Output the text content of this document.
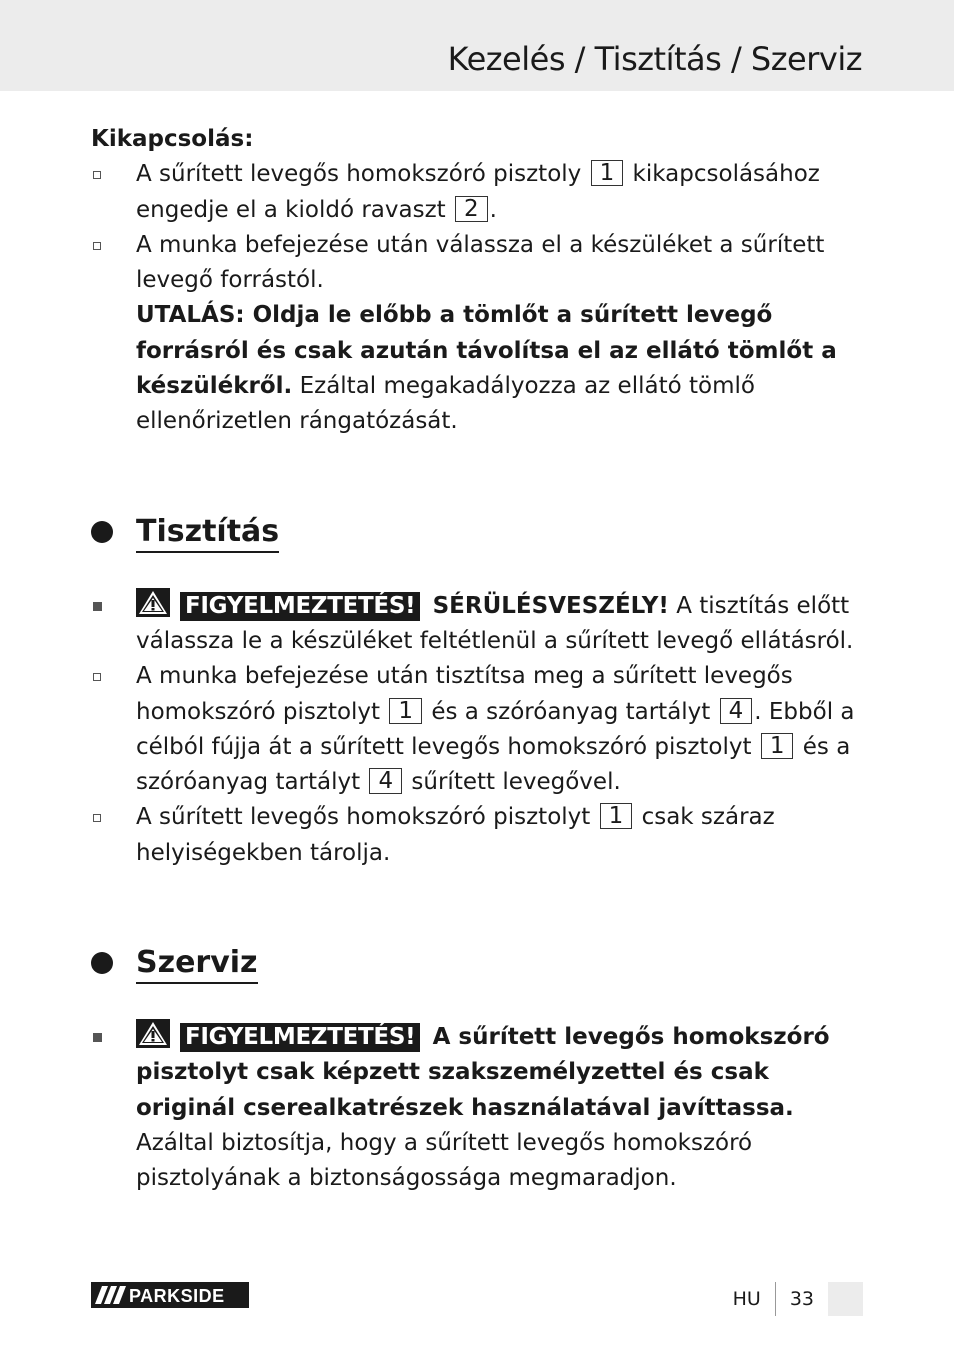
Kezelés / Tisztítás / Szerviz

Kikapcsolás:

A sűrített levegős homokszóró pisztoly 1 kikapcsolásához engedje el a kioldó ravaszt 2 .

A munka befejezése után válassza el a készüléket a sűrített levegő forrástól.

UTALÁS: Oldja le előbb a tömlőt a sűrített levegő forrásról és csak azután távolítsa el az ellátó tömlőt a készülékről. Ezáltal megakadályozza az ellátó tömlő ellenőrizetlen rángatózását.

Tisztítás

FIGYELMEZTETÉS! SÉRÜLÉSVESZÉLY! A tisztítás előtt válassza le a készüléket feltétlenül a sűrített levegő ellátásról.

A munka befejezése után tisztítsa meg a sűrített levegős homokszóró pisztolyt 1 és a szóróanyag tartályt 4 . Ebből a célból fújja át a sűrített levegős homokszóró pisztolyt 1 és a szóróanyag tartályt 4 sűrített levegővel.

A sűrített levegős homokszóró pisztolyt 1 csak száraz helyiségekben tárolja.

Szerviz

FIGYELMEZTETÉS! A sűrített levegős homokszóró pisztolyt csak képzett szakszemélyzettel és csak originál cserealkatrészek használatával javíttassa. Azáltal biztosítja, hogy a sűrített levegős homokszóró pisztolyának a biztonságossága megmaradjon.

PARKSIDE	HU	33
